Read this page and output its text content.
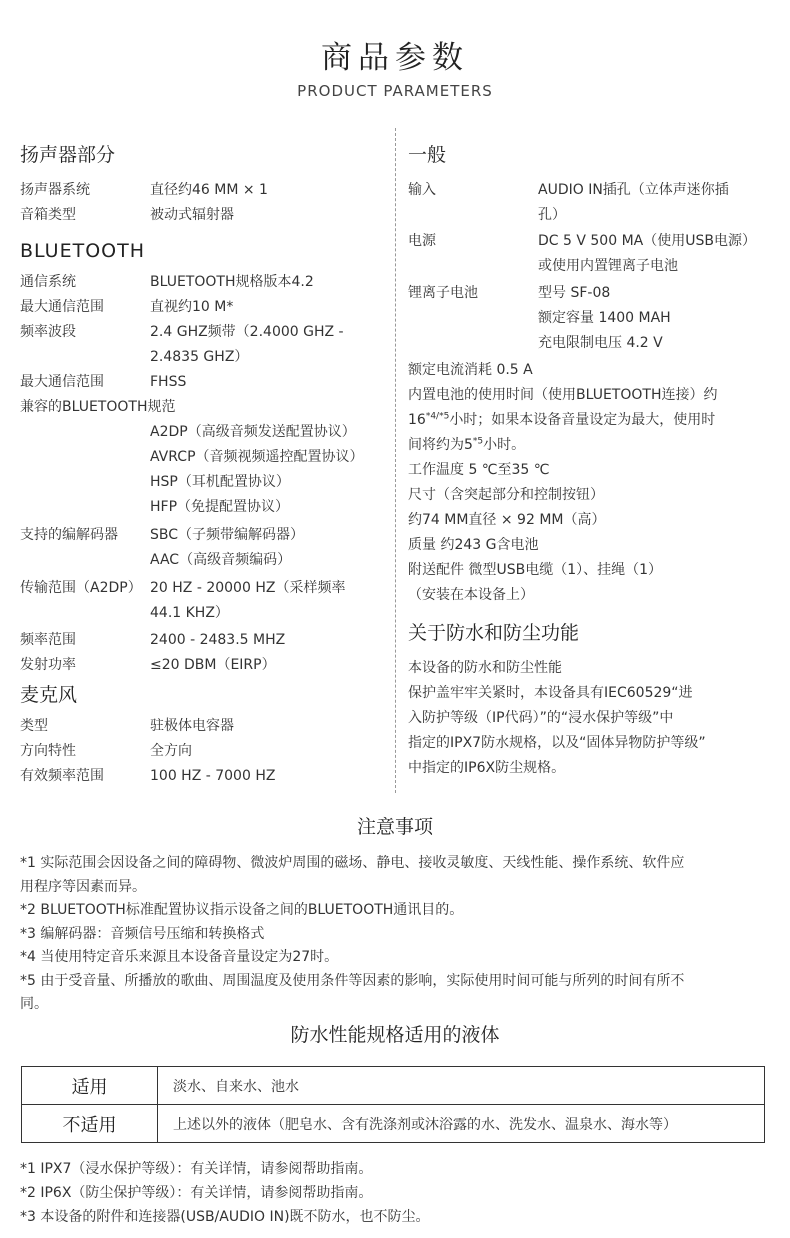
商品参数
PRODUCT PARAMETERS
扬声器部分
扬声器系统	直径约46 MM × 1
音箱类型	被动式辐射器
BLUETOOTH
通信系统	BLUETOOTH规格版本4.2
最大通信范围	直视约10 M*
频率波段	2.4 GHZ频带（2.4000 GHZ -
2.4835 GHZ）
最大通信范围	FHSS
兼容的BLUETOOTH规范
A2DP（高级音频发送配置协议）
AVRCP（音频视频遥控配置协议）
HSP（耳机配置协议）
HFP（免提配置协议）
支持的编解码器	SBC（子频带编解码器）
AAC（高级音频编码）
传输范围（A2DP） 20 HZ - 20000 HZ（采样频率
44.1 KHZ）
频率范围	2400 - 2483.5 MHZ
发射功率	≤20 DBM（EIRP）
麦克风
类型	驻极体电容器
方向特性	全方向
有效频率范围	100 HZ - 7000 HZ
一般
输入	AUDIO IN插孔（立体声迷你插
孔）
电源	DC 5 V 500 MA（使用USB电源）
或使用内置锂离子电池
锂离子电池	型号 SF-08
额定容量 1400 MAH
充电限制电压 4.2 V
额定电流消耗 0.5 A
内置电池的使用时间（使用BLUETOOTH连接）约
$16^{*4/*5}$小时；如果本设备音量设定为最大，使用时
间将约为5$^{*5}$小时。
工作温度 5 ℃至35 ℃
尺寸（含突起部分和控制按钮）
约74 MM直径 × 92 MM（高）
质量 约243 G含电池
附送配件 微型USB电缆（1）、挂绳（1）
（安装在本设备上）
关于防水和防尘功能
本设备的防水和防尘性能
保护盖牢牢关紧时，本设备具有IEC60529“进
入防护等级（IP代码）”的“浸水保护等级”中
指定的IPX7防水规格，以及“固体异物防护等级”
中指定的IP6X防尘规格。
注意事项

*1 实际范围会因设备之间的障碍物、微波炉周围的磁场、静电、接收灵敏度、天线性能、操作系统、软件应

用程序等因素而异。

*2 BLUETOOTH标准配置协议指示设备之间的BLUETOOTH通讯目的。

*3 编解码器：音频信号压缩和转换格式

*4 当使用特定音乐来源且本设备音量设定为27时。

*5 由于受音量、所播放的歌曲、周围温度及使用条件等因素的影响，实际使用时间可能与所列的时间有所不

同。

防水性能规格适用的液体
适用	淡水、自来水、池水
不适用	上述以外的液体（肥皂水、含有洗涤剂或沐浴露的水、洗发水、温泉水、海水等）

*1 IPX7（浸水保护等级）：有关详情，请参阅帮助指南。

*2 IP6X（防尘保护等级）：有关详情，请参阅帮助指南。

*3 本设备的附件和连接器(USB/AUDIO IN)既不防水，也不防尘。
